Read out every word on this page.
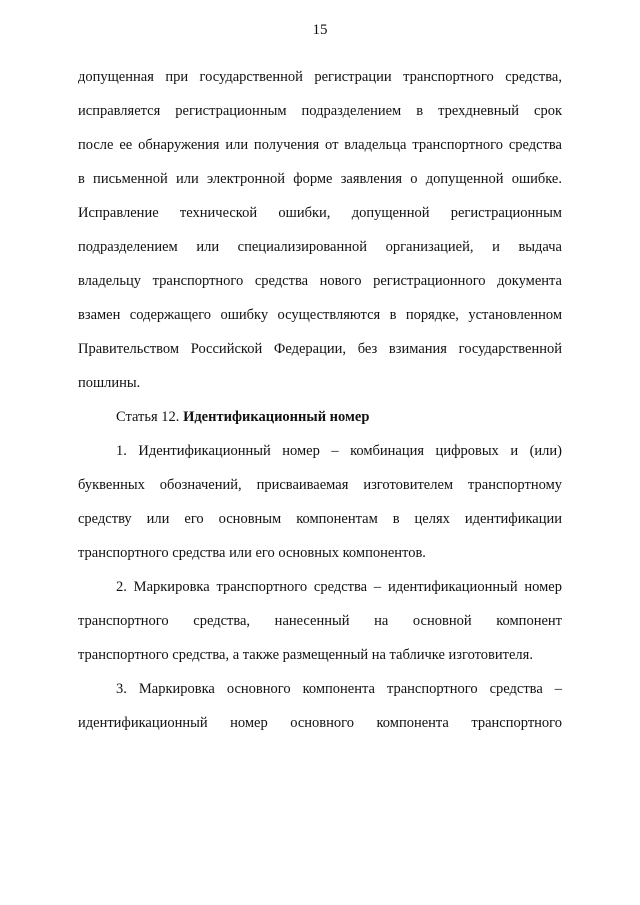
15
допущенная при государственной регистрации транспортного средства,
исправляется регистрационным подразделением в трехдневный срок
после ее обнаружения или получения от владельца транспортного средства
в письменной или электронной форме заявления о допущенной ошибке.
Исправление технической ошибки, допущенной регистрационным
подразделением или специализированной организацией, и выдача
владельцу транспортного средства нового регистрационного документа
взамен содержащего ошибку осуществляются в порядке, установленном
Правительством Российской Федерации, без взимания государственной
пошлины.
Статья 12. Идентификационный номер
1. Идентификационный номер – комбинация цифровых и (или)
буквенных обозначений, присваиваемая изготовителем транспортному
средству или его основным компонентам в целях идентификации
транспортного средства или его основных компонентов.
2. Маркировка транспортного средства – идентификационный номер
транспортного средства, нанесенный на основной компонент
транспортного средства, а также размещенный на табличке изготовителя.
3. Маркировка основного компонента транспортного средства –
идентификационный номер основного компонента транспортного
